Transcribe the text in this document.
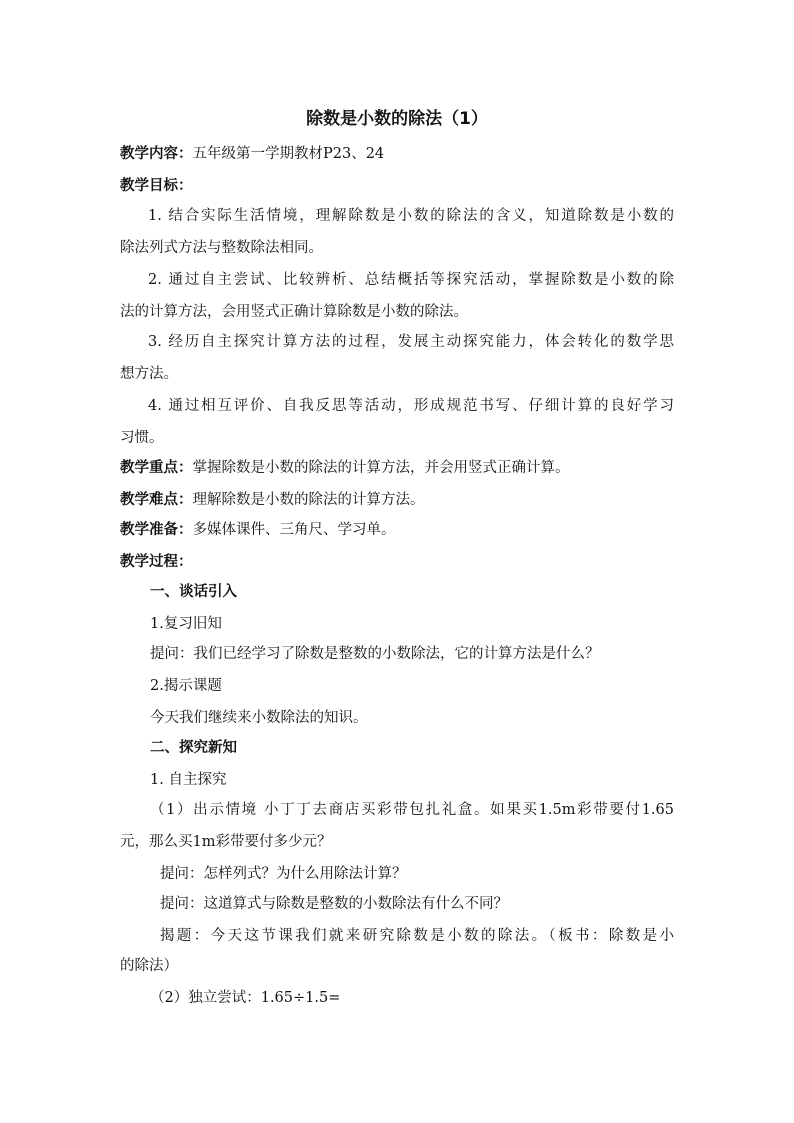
除数是小数的除法（1）
教学内容：五年级第一学期教材P23、24
教学目标：
1. 结合实际生活情境，理解除数是小数的除法的含义，知道除数是小数的
除法列式方法与整数除法相同。
2. 通过自主尝试、比较辨析、总结概括等探究活动，掌握除数是小数的除
法的计算方法，会用竖式正确计算除数是小数的除法。
3. 经历自主探究计算方法的过程，发展主动探究能力，体会转化的数学思
想方法。
4. 通过相互评价、自我反思等活动，形成规范书写、仔细计算的良好学习
习惯。
教学重点：掌握除数是小数的除法的计算方法，并会用竖式正确计算。
教学难点：理解除数是小数的除法的计算方法。
教学准备：多媒体课件、三角尺、学习单。
教学过程：
一、谈话引入
1.复习旧知
提问：我们已经学习了除数是整数的小数除法，它的计算方法是什么？
2.揭示课题
今天我们继续来小数除法的知识。
二、探究新知
1. 自主探究
（1）出示情境 小丁丁去商店买彩带包扎礼盒。如果买1.5m彩带要付1.65
元，那么买1m彩带要付多少元？
提问：怎样列式？为什么用除法计算？
提问：这道算式与除数是整数的小数除法有什么不同？
揭题：今天这节课我们就来研究除数是小数的除法。（板书：除数是小
的除法）
（2）独立尝试：1.65÷1.5=
